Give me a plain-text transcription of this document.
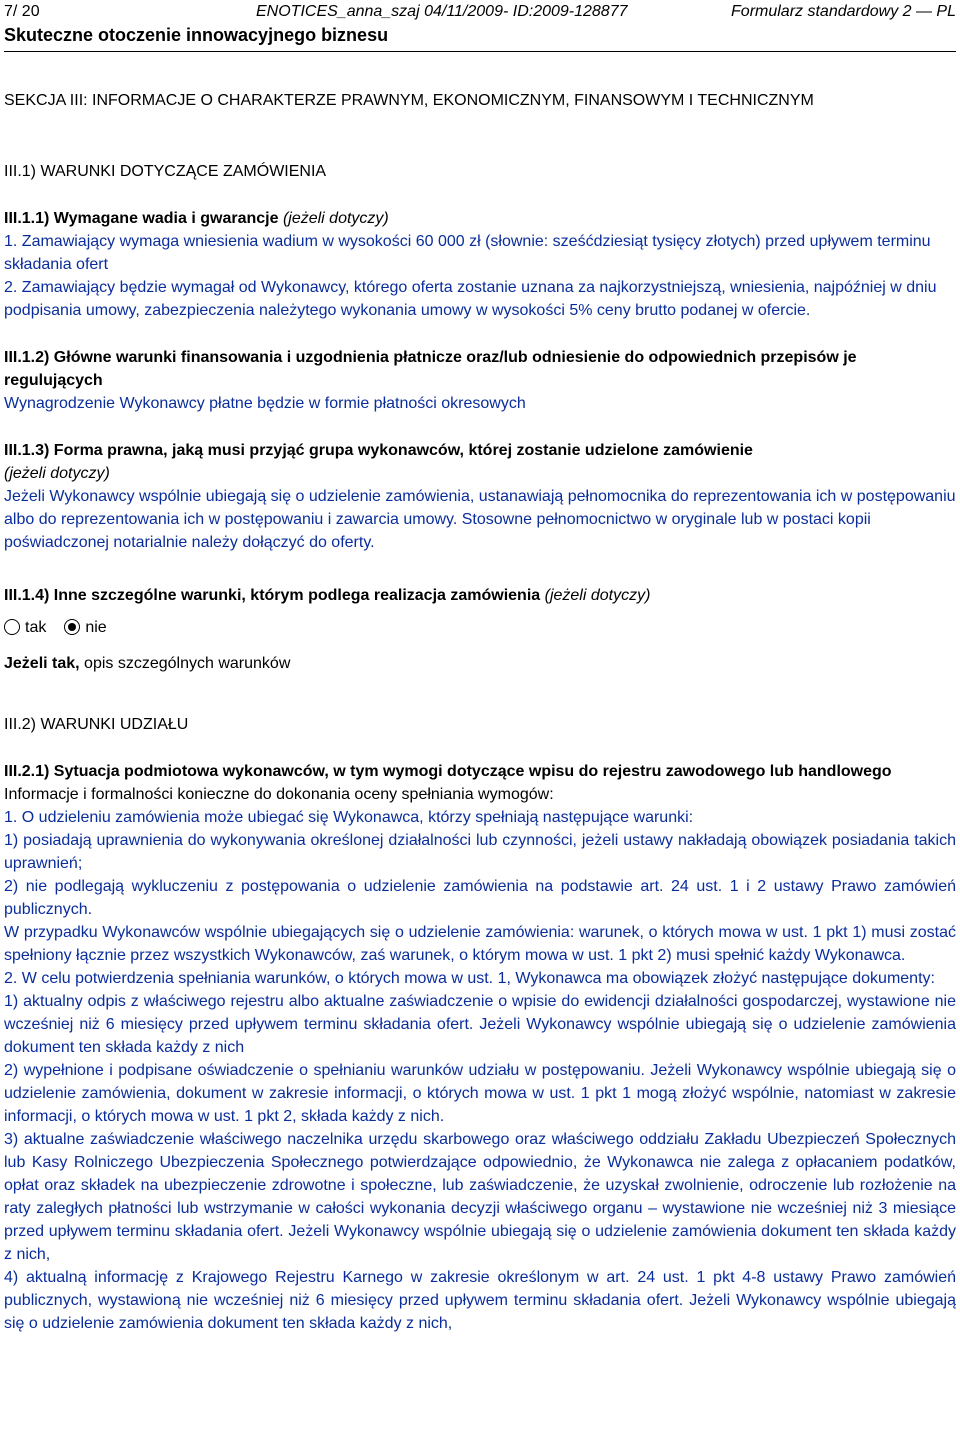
7/ 20	ENOTICES_anna_szaj 04/11/2009- ID:2009-128877	Formularz standardowy 2 — PL
Skuteczne otoczenie innowacyjnego biznesu
SEKCJA III: INFORMACJE O CHARAKTERZE PRAWNYM, EKONOMICZNYM, FINANSOWYM I TECHNICZNYM
III.1) WARUNKI DOTYCZĄCE ZAMÓWIENIA
III.1.1) Wymagane wadia i gwarancje (jeżeli dotyczy)

1. Zamawiający wymaga wniesienia wadium w wysokości 60 000 zł (słownie: sześćdziesiąt tysięcy złotych) przed upływem terminu składania ofert

2. Zamawiający będzie wymagał od Wykonawcy, którego oferta zostanie uznana za najkorzystniejszą, wniesienia, najpóźniej w dniu podpisania umowy, zabezpieczenia należytego wykonania umowy w wysokości 5% ceny brutto podanej w ofercie.

III.1.2) Główne warunki finansowania i uzgodnienia płatnicze oraz/lub odniesienie do odpowiednich przepisów je regulujących

Wynagrodzenie Wykonawcy płatne będzie w formie płatności okresowych

III.1.3) Forma prawna, jaką musi przyjąć grupa wykonawców, której zostanie udzielone zamówienie
(jeżeli dotyczy)

Jeżeli Wykonawcy wspólnie ubiegają się o udzielenie zamówienia, ustanawiają pełnomocnika do reprezentowania ich w postępowaniu albo do reprezentowania ich w postępowaniu i zawarcia umowy. Stosowne pełnomocnictwo w oryginale lub w postaci kopii poświadczonej notarialnie należy dołączyć do oferty.

III.1.4) Inne szczególne warunki, którym podlega realizacja zamówienia (jeżeli dotyczy)
tak nie
Jeżeli tak, opis szczególnych warunków
III.2) WARUNKI UDZIAŁU
III.2.1) Sytuacja podmiotowa wykonawców, w tym wymogi dotyczące wpisu do rejestru zawodowego lub handlowego

Informacje i formalności konieczne do dokonania oceny spełniania wymogów:

1. O udzieleniu zamówienia może ubiegać się Wykonawca, którzy spełniają następujące warunki:
1) posiadają uprawnienia do wykonywania określonej działalności lub czynności, jeżeli ustawy nakładają obowiązek posiadania takich uprawnień;
2) nie podlegają wykluczeniu z postępowania o udzielenie zamówienia na podstawie art. 24 ust. 1 i 2 ustawy Prawo zamówień publicznych.
W przypadku Wykonawców wspólnie ubiegających się o udzielenie zamówienia: warunek, o których mowa w ust. 1 pkt 1) musi zostać spełniony łącznie przez wszystkich Wykonawców, zaś warunek, o którym mowa w ust. 1 pkt 2) musi spełnić każdy Wykonawca.
2. W celu potwierdzenia spełniania warunków, o których mowa w ust. 1, Wykonawca ma obowiązek złożyć następujące dokumenty:
1) aktualny odpis z właściwego rejestru albo aktualne zaświadczenie o wpisie do ewidencji działalności gospodarczej, wystawione nie wcześniej niż 6 miesięcy przed upływem terminu składania ofert. Jeżeli Wykonawcy wspólnie ubiegają się o udzielenie zamówienia dokument ten składa każdy z nich
2) wypełnione i podpisane oświadczenie o spełnianiu warunków udziału w postępowaniu. Jeżeli Wykonawcy wspólnie ubiegają się o udzielenie zamówienia, dokument w zakresie informacji, o których mowa w ust. 1 pkt 1 mogą złożyć wspólnie, natomiast w zakresie informacji, o których mowa w ust. 1 pkt 2, składa każdy z nich.
3) aktualne zaświadczenie właściwego naczelnika urzędu skarbowego oraz właściwego oddziału Zakładu Ubezpieczeń Społecznych lub Kasy Rolniczego Ubezpieczenia Społecznego potwierdzające odpowiednio, że Wykonawca nie zalega z opłacaniem podatków, opłat oraz składek na ubezpieczenie zdrowotne i społeczne, lub zaświadczenie, że uzyskał zwolnienie, odroczenie lub rozłożenie na raty zaległych płatności lub wstrzymanie w całości wykonania decyzji właściwego organu – wystawione nie wcześniej niż 3 miesiące przed upływem terminu składania ofert. Jeżeli Wykonawcy wspólnie ubiegają się o udzielenie zamówienia dokument ten składa każdy z nich,
4) aktualną informację z Krajowego Rejestru Karnego w zakresie określonym w art. 24 ust. 1 pkt 4-8 ustawy Prawo zamówień publicznych, wystawioną nie wcześniej niż 6 miesięcy przed upływem terminu składania ofert. Jeżeli Wykonawcy wspólnie ubiegają się o udzielenie zamówienia dokument ten składa każdy z nich,
